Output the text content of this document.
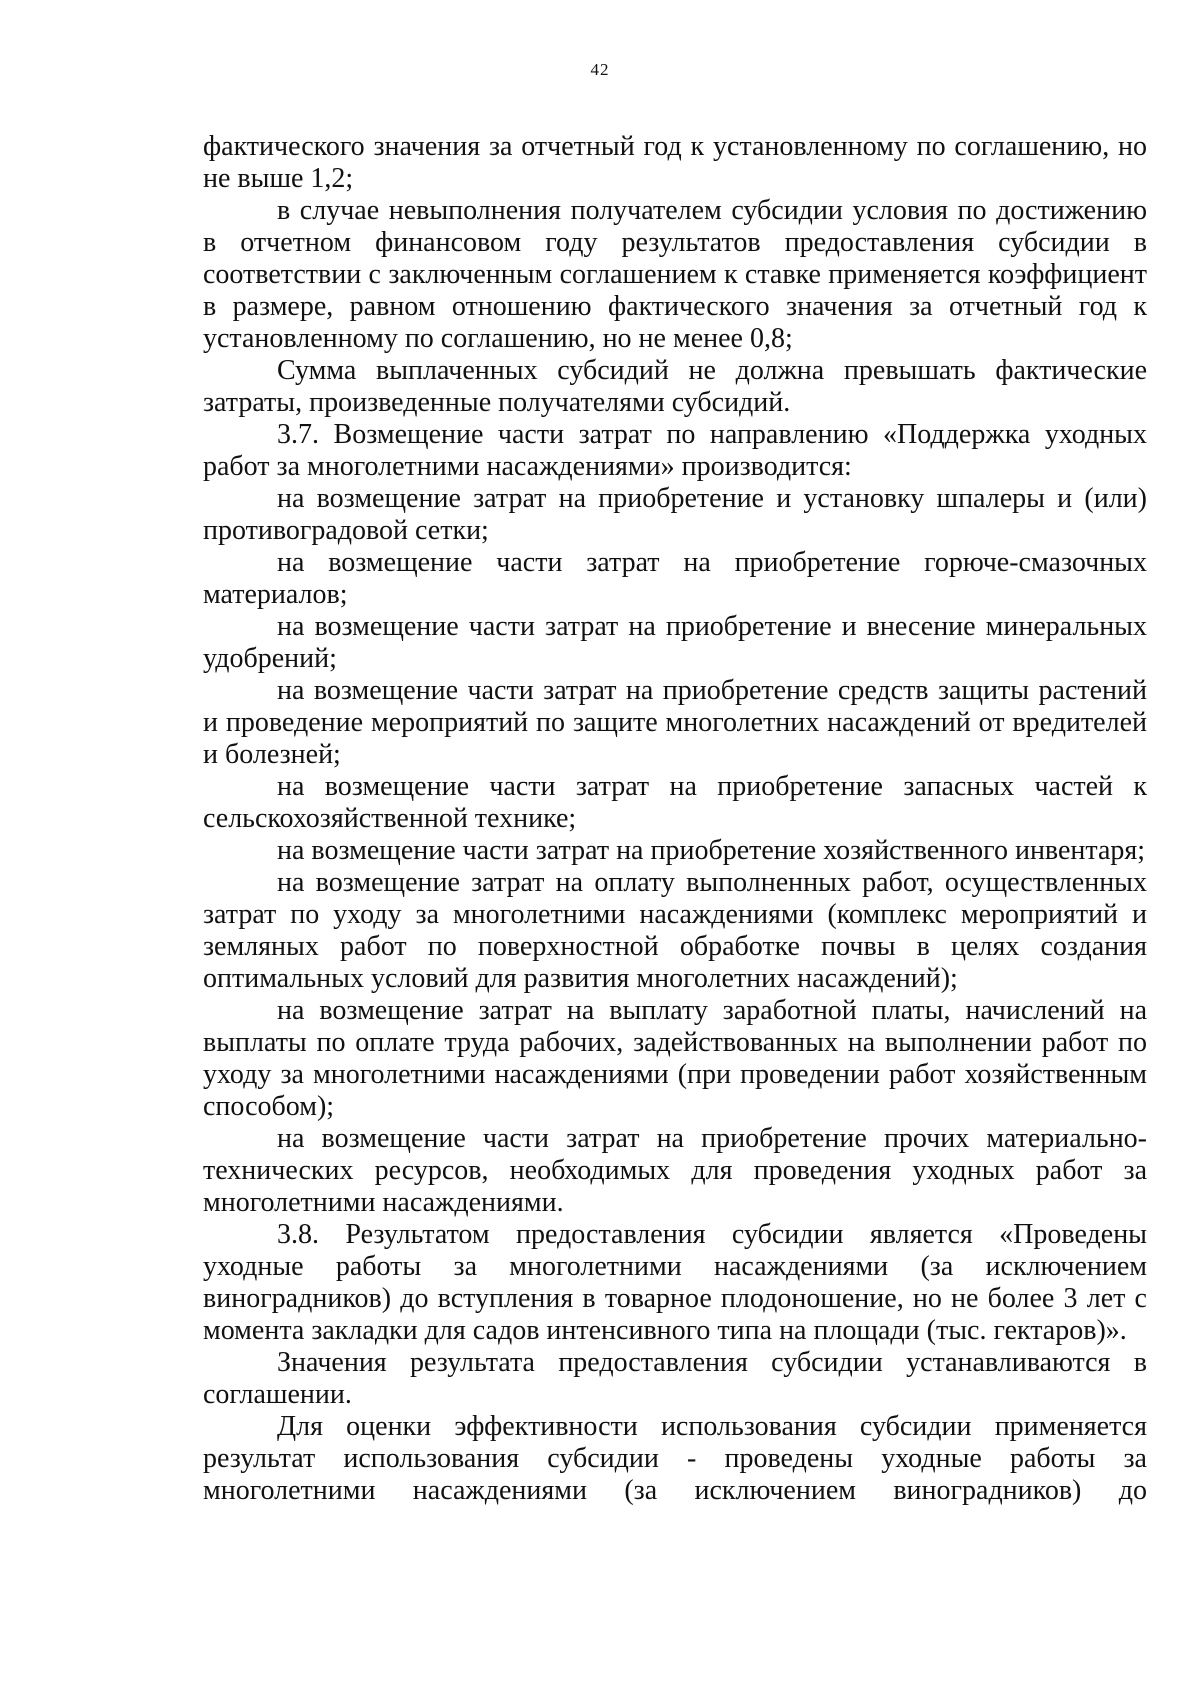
42

фактического значения за отчетный год к установленному по соглашению, но не выше 1,2;

в случае невыполнения получателем субсидии условия по достижению в отчетном финансовом году результатов предоставления субсидии в соответствии с заключенным соглашением к ставке применяется коэффициент в размере, равном отношению фактического значения за отчетный год к установленному по соглашению, но не менее 0,8;

Сумма выплаченных субсидий не должна превышать фактические затраты, произведенные получателями субсидий.

3.7. Возмещение части затрат по направлению «Поддержка уходных работ за многолетними насаждениями» производится:

на возмещение затрат на приобретение и установку шпалеры и (или) противоградовой сетки;

на возмещение части затрат на приобретение горюче-смазочных материалов;

на возмещение части затрат на приобретение и внесение минеральных удобрений;

на возмещение части затрат на приобретение средств защиты растений и проведение мероприятий по защите многолетних насаждений от вредителей и болезней;

на возмещение части затрат на приобретение запасных частей к сельскохозяйственной технике;

на возмещение части затрат на приобретение хозяйственного инвентаря;

на возмещение затрат на оплату выполненных работ, осуществленных затрат по уходу за многолетними насаждениями (комплекс мероприятий и земляных работ по поверхностной обработке почвы в целях создания оптимальных условий для развития многолетних насаждений);

на возмещение затрат на выплату заработной платы, начислений на выплаты по оплате труда рабочих, задействованных на выполнении работ по уходу за многолетними насаждениями (при проведении работ хозяйственным способом);

на возмещение части затрат на приобретение прочих материально-технических ресурсов, необходимых для проведения уходных работ за многолетними насаждениями.

3.8. Результатом предоставления субсидии является «Проведены уходные работы за многолетними насаждениями (за исключением виноградников) до вступления в товарное плодоношение, но не более 3 лет с момента закладки для садов интенсивного типа на площади (тыс. гектаров)».

Значения результата предоставления субсидии устанавливаются в соглашении.

Для оценки эффективности использования субсидии применяется результат использования субсидии - проведены уходные работы за многолетними насаждениями (за исключением виноградников) до
